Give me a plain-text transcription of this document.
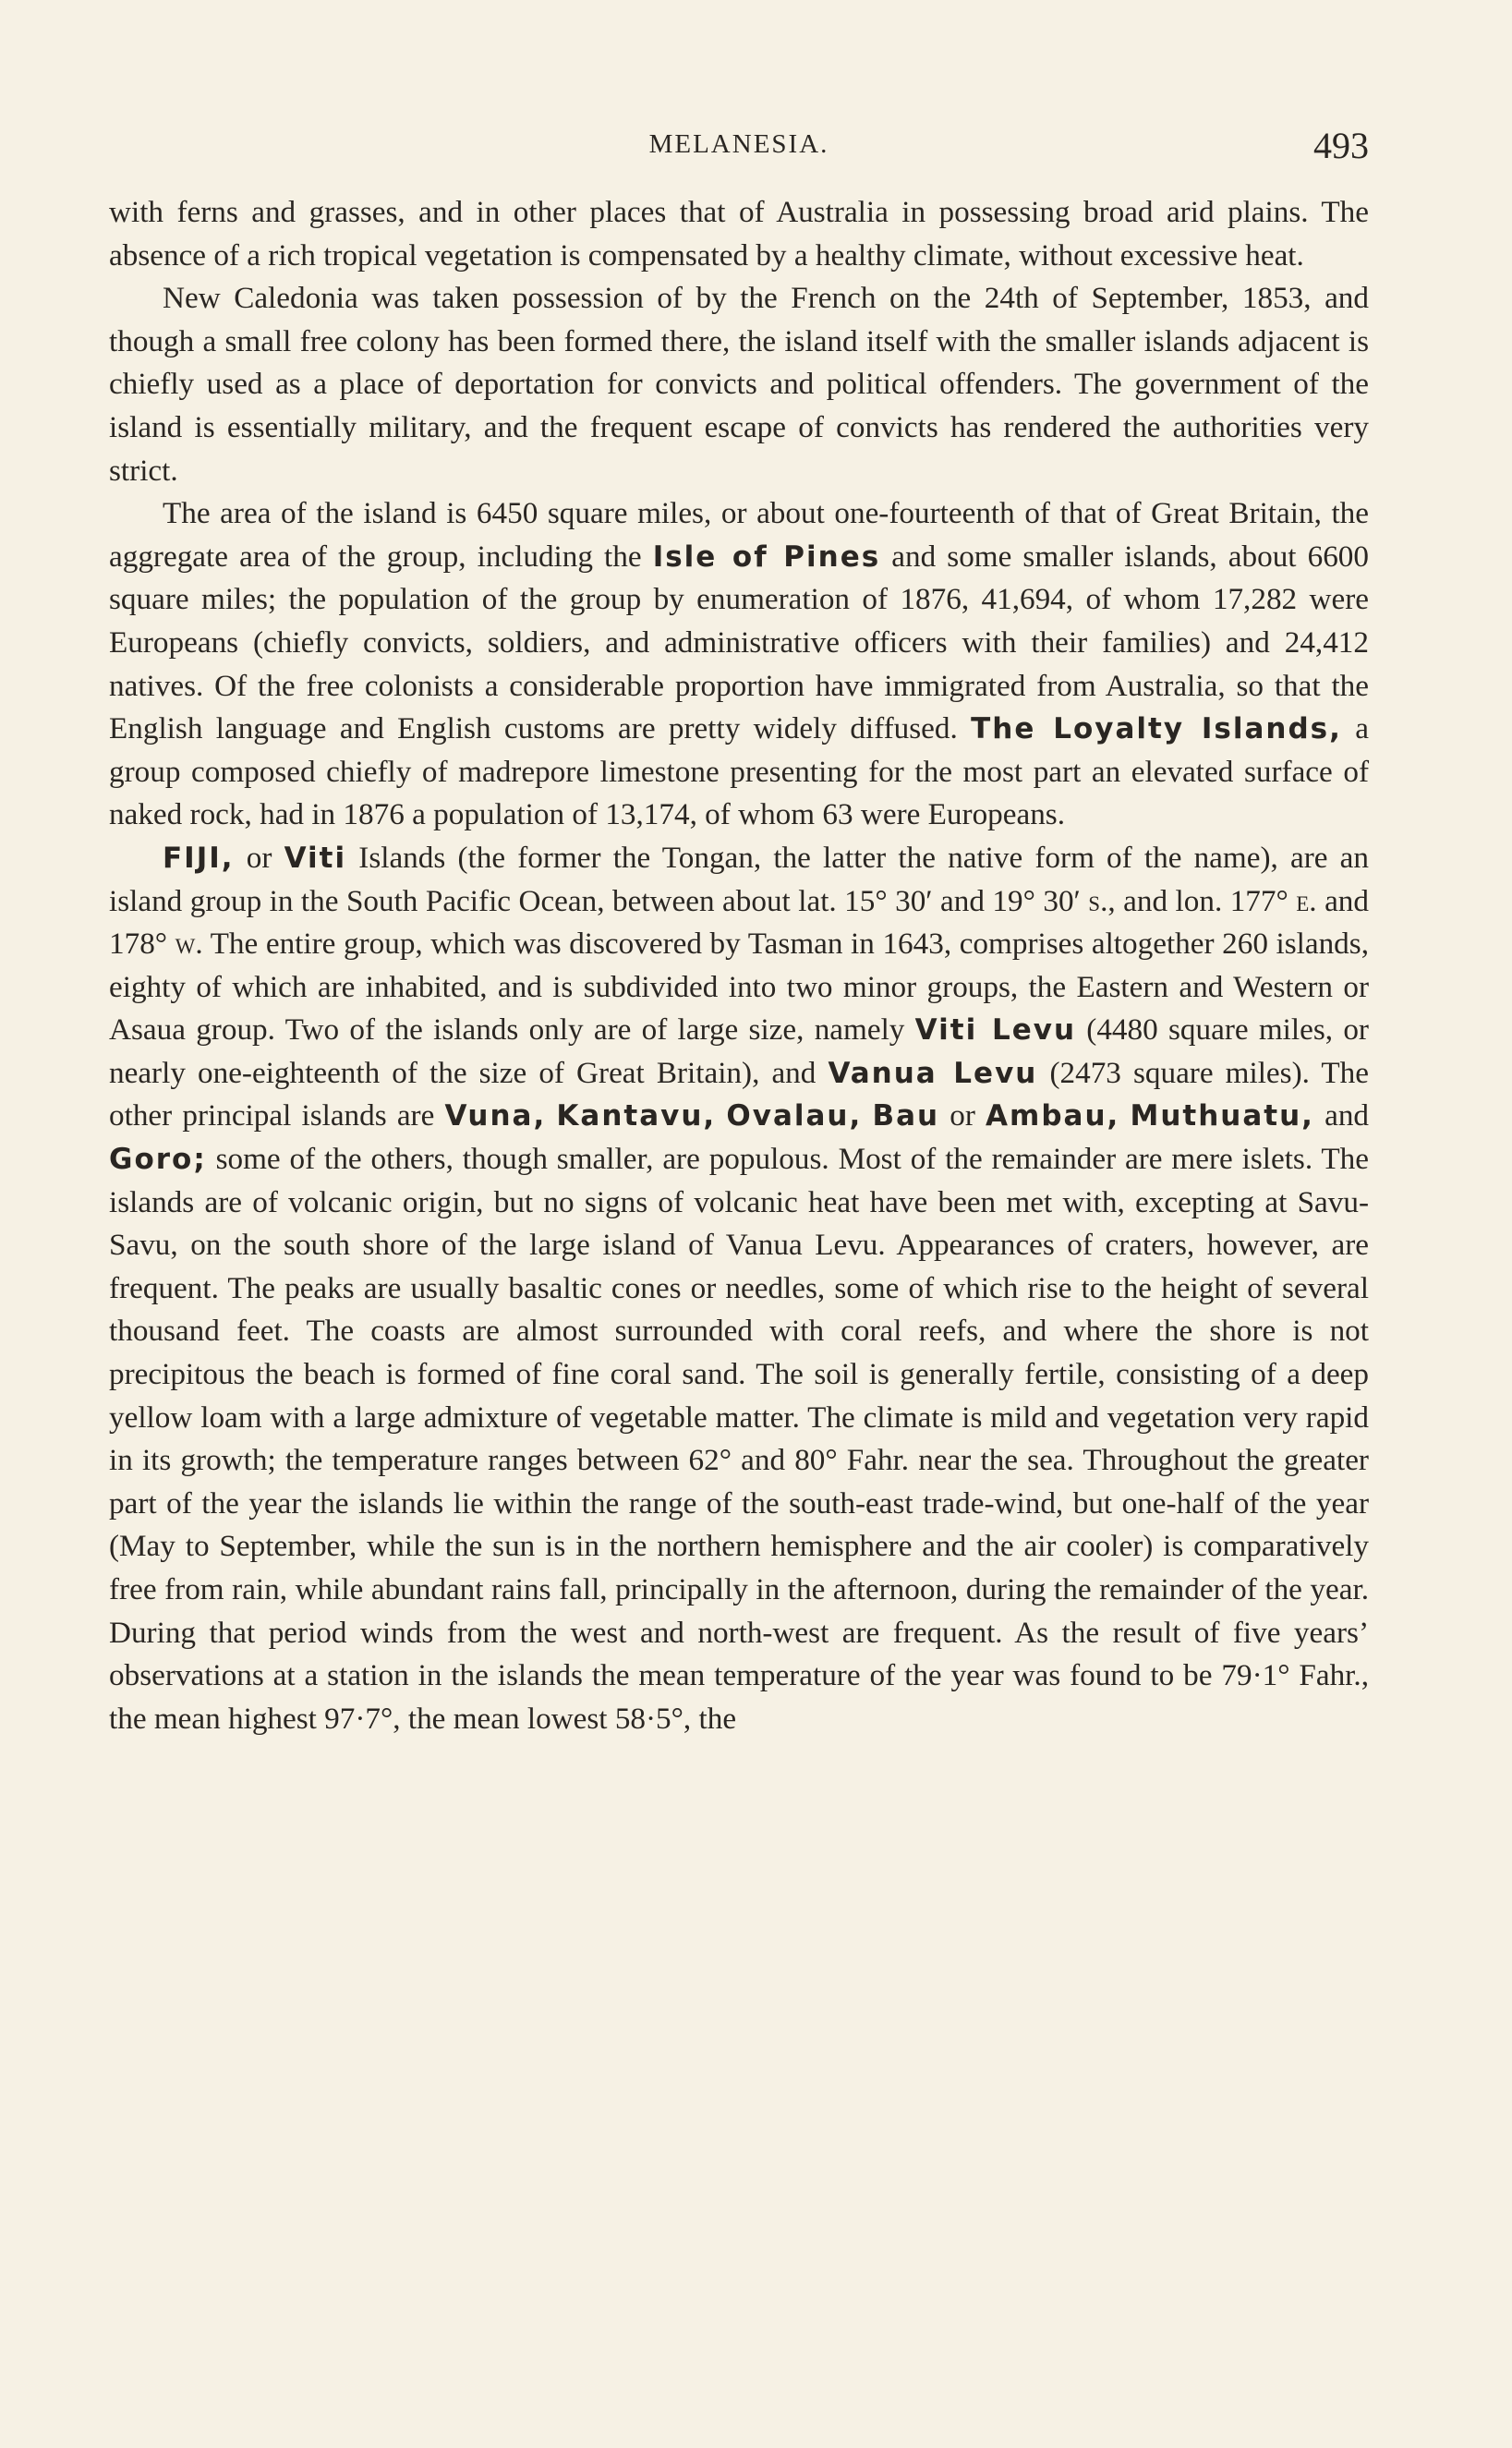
MELANESIA.	493

with ferns and grasses, and in other places that of Australia in possessing broad arid plains. The absence of a rich tropical vegetation is compensated by a healthy climate, without excessive heat.

New Caledonia was taken possession of by the French on the 24th of September, 1853, and though a small free colony has been formed there, the island itself with the smaller islands adjacent is chiefly used as a place of deportation for convicts and political offenders. The government of the island is essentially military, and the frequent escape of convicts has rendered the authorities very strict.

The area of the island is 6450 square miles, or about one-fourteenth of that of Great Britain, the aggregate area of the group, including the Isle of Pines and some smaller islands, about 6600 square miles; the population of the group by enumeration of 1876, 41,694, of whom 17,282 were Europeans (chiefly convicts, soldiers, and administrative officers with their families) and 24,412 natives. Of the free colonists a considerable proportion have immigrated from Australia, so that the English language and English customs are pretty widely diffused. The Loyalty Islands, a group composed chiefly of madrepore limestone presenting for the most part an elevated surface of naked rock, had in 1876 a population of 13,174, of whom 63 were Europeans.

FIJI, or Viti Islands (the former the Tongan, the latter the native form of the name), are an island group in the South Pacific Ocean, between about lat. 15° 30′ and 19° 30′ s., and lon. 177° e. and 178° w. The entire group, which was discovered by Tasman in 1643, comprises altogether 260 islands, eighty of which are inhabited, and is subdivided into two minor groups, the Eastern and Western or Asaua group. Two of the islands only are of large size, namely Viti Levu (4480 square miles, or nearly one-eighteenth of the size of Great Britain), and Vanua Levu (2473 square miles). The other principal islands are Vuna, Kantavu, Ovalau, Bau or Ambau, Muthuatu, and Goro; some of the others, though smaller, are populous. Most of the remainder are mere islets. The islands are of volcanic origin, but no signs of volcanic heat have been met with, excepting at Savu-Savu, on the south shore of the large island of Vanua Levu. Appearances of craters, however, are frequent. The peaks are usually basaltic cones or needles, some of which rise to the height of several thousand feet. The coasts are almost surrounded with coral reefs, and where the shore is not precipitous the beach is formed of fine coral sand. The soil is generally fertile, consisting of a deep yellow loam with a large admixture of vegetable matter. The climate is mild and vegetation very rapid in its growth; the temperature ranges between 62° and 80° Fahr. near the sea. Throughout the greater part of the year the islands lie within the range of the south-east trade-wind, but one-half of the year (May to September, while the sun is in the northern hemisphere and the air cooler) is comparatively free from rain, while abundant rains fall, principally in the afternoon, during the remainder of the year. During that period winds from the west and north-west are frequent. As the result of five years’ observations at a station in the islands the mean temperature of the year was found to be 79·1° Fahr., the mean highest 97·7°, the mean lowest 58·5°, the
